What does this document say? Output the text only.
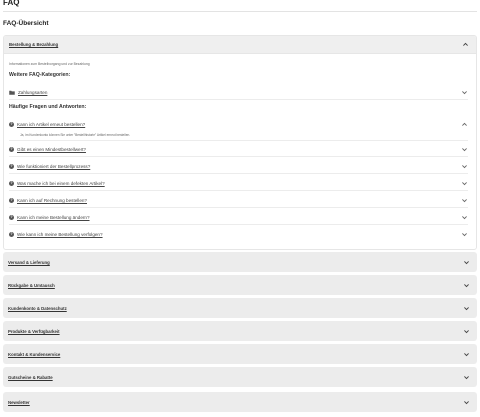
FAQ
FAQ-Übersicht
Bestellung & Bezahlung
Informationen zum Bestellvorgang und zur Bezahlung
Weitere FAQ-Kategorien:
Zahlungsarten
Häufige Fragen und Antworten:
? Kann ich Artikel erneut bestellen?
Ja, im Kundenkonto können Sie unter "Bestellhistorie" Artikel erneut bestellen.
? Gibt es einen Mindestbestellwert?
? Wie funktioniert der Bestellprozess?
? Was mache ich bei einem defekten Artikel?
? Kann ich auf Rechnung bestellen?
? Kann ich meine Bestellung ändern?
? Wie kann ich meine Bestellung verfolgen?
Versand & Lieferung
Rückgabe & Umtausch
Kundenkonto & Datenschutz
Produkte & Verfügbarkeit
Kontakt & Kundenservice
Gutscheine & Rabatte
Newsletter
